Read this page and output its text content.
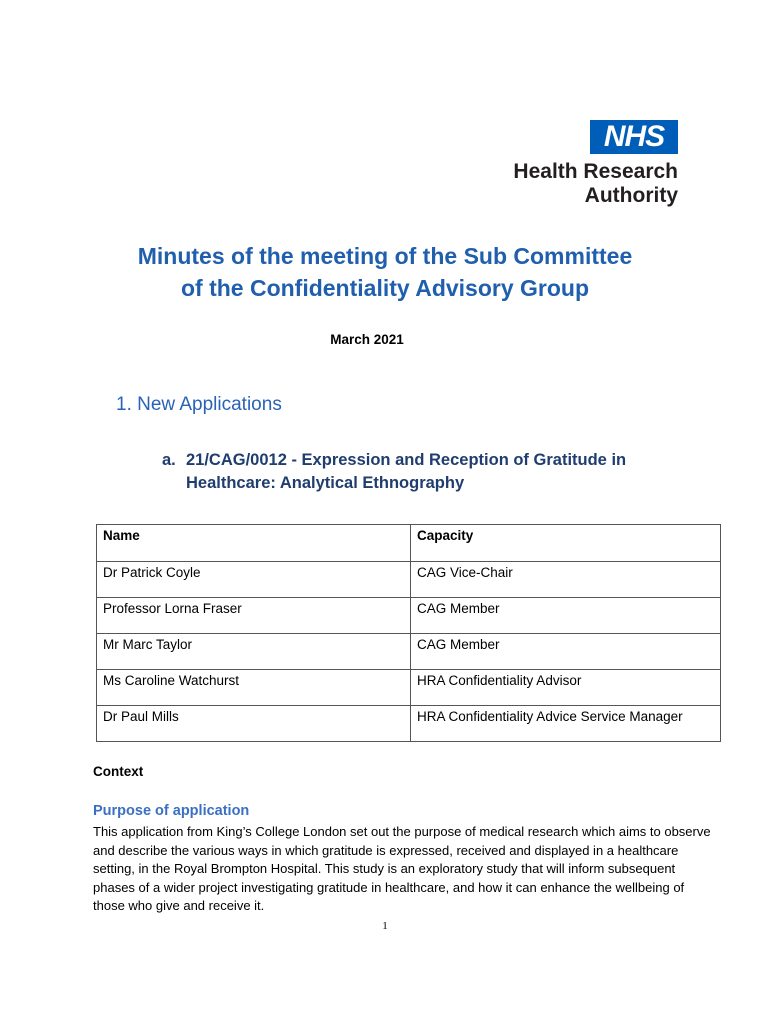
NHS
Health Research
Authority
Minutes of the meeting of the Sub Committee
of the Confidentiality Advisory Group
March 2021
1. New Applications
a. 21/CAG/0012 - Expression and Reception of Gratitude in Healthcare: Analytical Ethnography
Name	Capacity
Dr Patrick Coyle	CAG Vice-Chair
Professor Lorna Fraser	CAG Member
Mr Marc Taylor	CAG Member
Ms Caroline Watchurst	HRA Confidentiality Advisor
Dr Paul Mills	HRA Confidentiality Advice Service Manager
Context
Purpose of application
This application from King’s College London set out the purpose of medical research which aims to observe and describe the various ways in which gratitude is expressed, received and displayed in a healthcare setting, in the Royal Brompton Hospital. This study is an exploratory study that will inform subsequent phases of a wider project investigating gratitude in healthcare, and how it can enhance the wellbeing of those who give and receive it.
1
